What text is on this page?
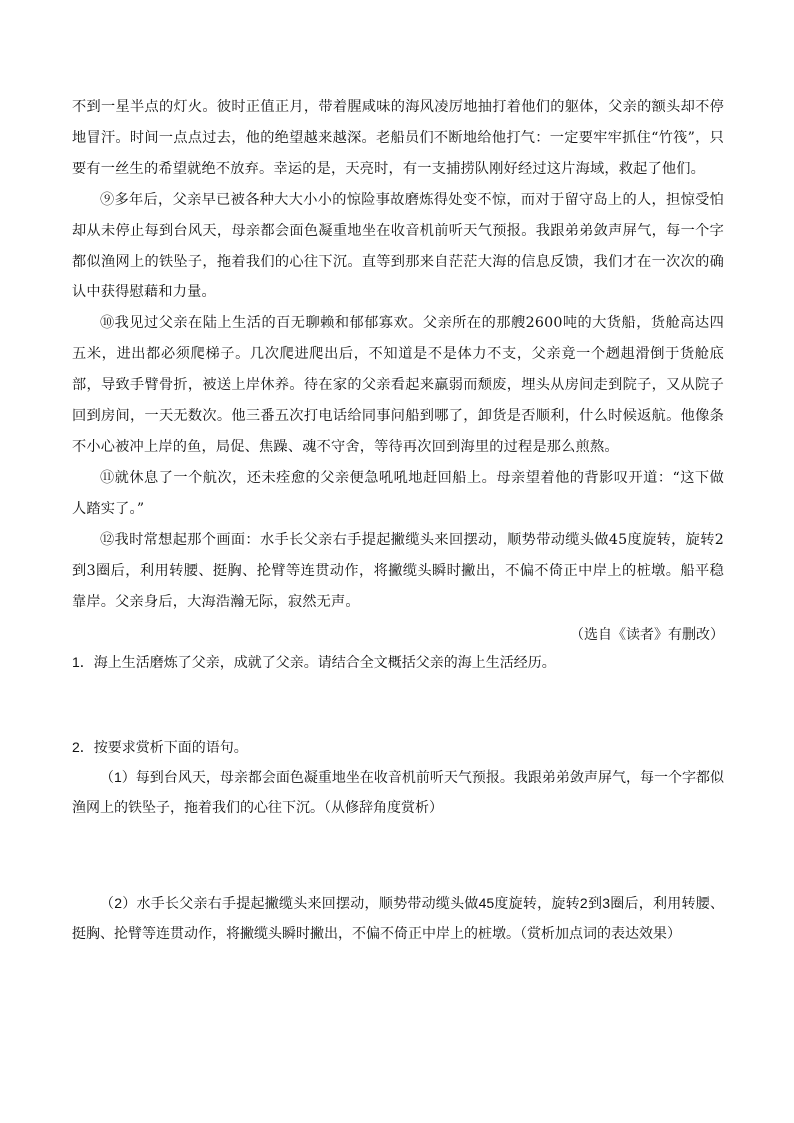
不到一星半点的灯火。彼时正值正月，带着腥咸味的海风凌厉地抽打着他们的躯体，父亲的额头却不停地冒汗。时间一点点过去，他的绝望越来越深。老船员们不断地给他打气：一定要牢牢抓住“竹筏”，只要有一丝生的希望就绝不放弃。幸运的是，天亮时，有一支捕捞队刚好经过这片海域，救起了他们。

⑨多年后，父亲早已被各种大大小小的惊险事故磨炼得处变不惊，而对于留守岛上的人，担惊受怕却从未停止每到台风天，母亲都会面色凝重地坐在收音机前听天气预报。我跟弟弟敛声屏气，每一个字都似渔网上的铁坠子，拖着我们的心往下沉。直等到那来自茫茫大海的信息反馈，我们才在一次次的确认中获得慰藉和力量。

⑩我见过父亲在陆上生活的百无聊赖和郁郁寡欢。父亲所在的那艘2600吨的大货船，货舱高达四五米，进出都必须爬梯子。几次爬进爬出后，不知道是不是体力不支，父亲竟一个趔趄滑倒于货舱底部，导致手臂骨折，被送上岸休养。待在家的父亲看起来羸弱而颓废，埋头从房间走到院子，又从院子回到房间，一天无数次。他三番五次打电话给同事问船到哪了，卸货是否顺利，什么时候返航。他像条不小心被冲上岸的鱼，局促、焦躁、魂不守舍，等待再次回到海里的过程是那么煎熬。

⑪就休息了一个航次，还未痊愈的父亲便急吼吼地赶回船上。母亲望着他的背影叹开道：“这下做人踏实了。”

⑫我时常想起那个画面：水手长父亲右手提起撇缆头来回摆动，顺势带动缆头做45度旋转，旋转2到3圈后，利用转腰、挺胸、抡臂等连贯动作，将撇缆头瞬时撇出，不偏不倚正中岸上的桩墩。船平稳靠岸。父亲身后，大海浩瀚无际，寂然无声。

（选自《读者》有删改）

1．海上生活磨炼了父亲，成就了父亲。请结合全文概括父亲的海上生活经历。

2．按要求赏析下面的语句。

（1）每到台风天，母亲都会面色凝重地坐在收音机前听天气预报。我跟弟弟敛声屏气，每一个字都似渔网上的铁坠子，拖着我们的心往下沉。（从修辞角度赏析）

（2）水手长父亲右手提起撇缆头来回摆动，顺势带动缆头做45度旋转，旋转2到3圈后，利用转腰、挺胸、抡臂等连贯动作，将撇缆头瞬时撇出，不偏不倚正中岸上的桩墩。（赏析加点词的表达效果）
